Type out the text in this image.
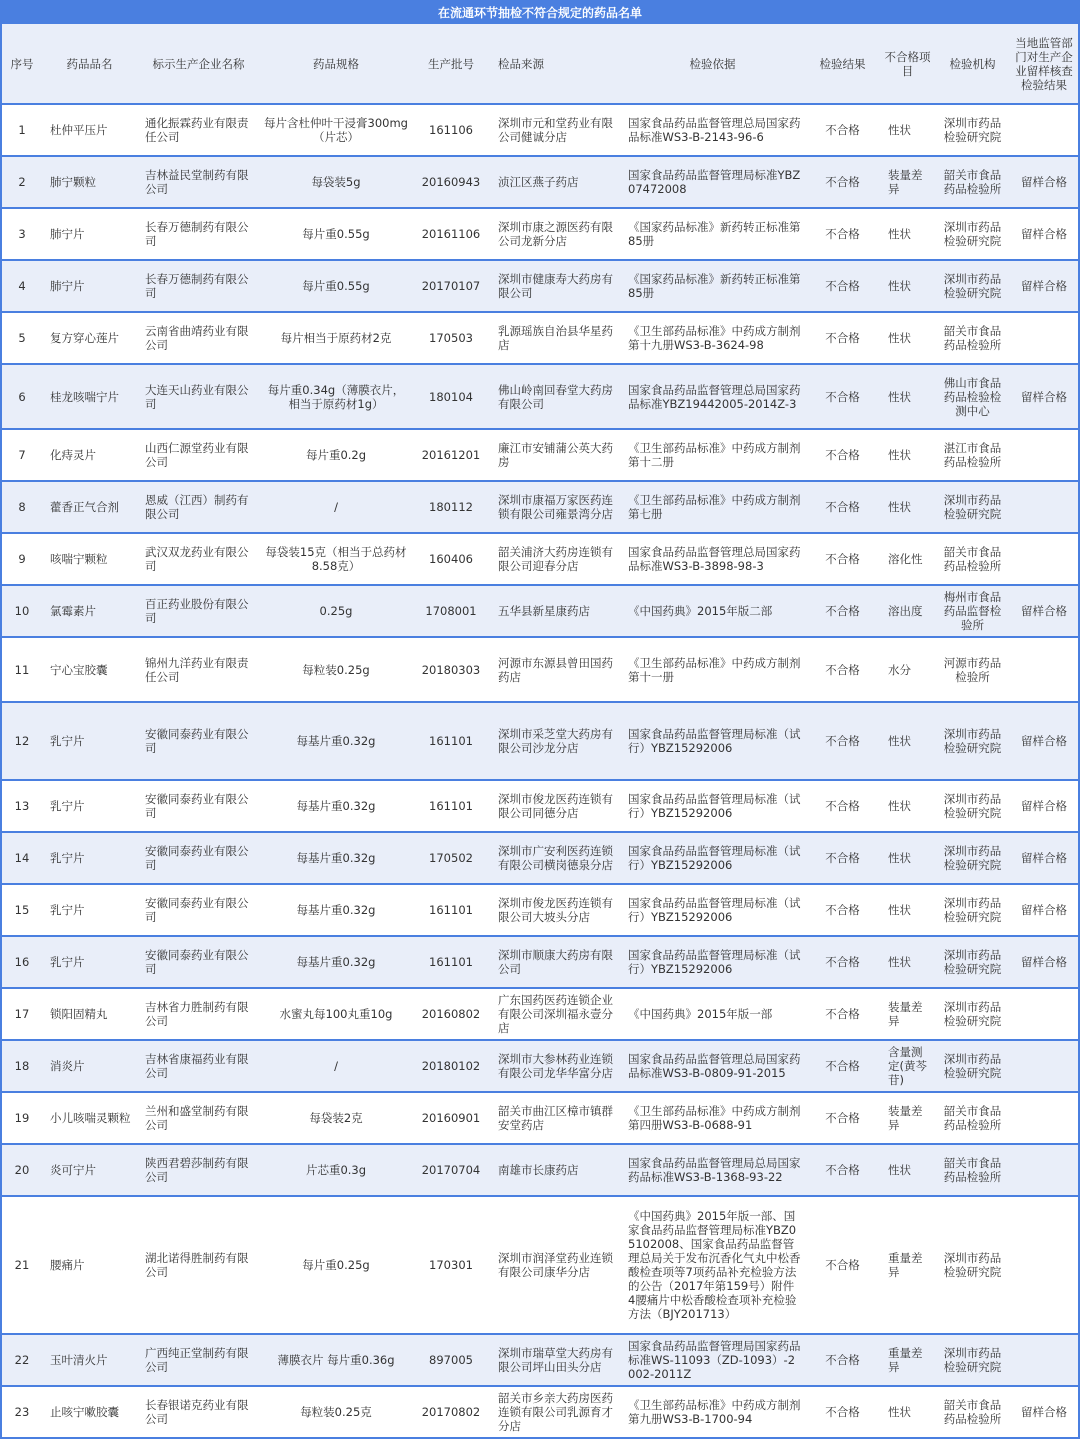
在流通环节抽检不符合规定的药品名单
序号	药品品名	标示生产企业名称	药品规格	生产批号	检品来源	检验依据	检验结果	不合格项目	检验机构	当地监管部门对生产企业留样核查检验结果
1	杜仲平压片	通化振霖药业有限责任公司	每片含杜仲叶干浸膏300mg（片芯）	161106	深圳市元和堂药业有限公司健诚分店	国家食品药品监督管理总局国家药品标准WS3-B-2143-96-6	不合格	性状	深圳市药品检验研究院	
2	肺宁颗粒	吉林益民堂制药有限公司	每袋装5g	20160943	浈江区燕子药店	国家食品药品监督管理局标准YBZ07472008	不合格	装量差异	韶关市食品药品检验所	留样合格
3	肺宁片	长春万德制药有限公司	每片重0.55g	20161106	深圳市康之源医药有限公司龙新分店	《国家药品标准》新药转正标准第85册	不合格	性状	深圳市药品检验研究院	留样合格
4	肺宁片	长春万德制药有限公司	每片重0.55g	20170107	深圳市健康寿大药房有限公司	《国家药品标准》新药转正标准第85册	不合格	性状	深圳市药品检验研究院	留样合格
5	复方穿心莲片	云南省曲靖药业有限公司	每片相当于原药材2克	170503	乳源瑶族自治县华星药店	《卫生部药品标准》中药成方制剂第十九册WS3-B-3624-98	不合格	性状	韶关市食品药品检验所	
6	桂龙咳喘宁片	大连天山药业有限公司	每片重0.34g（薄膜衣片，相当于原药材1g）	180104	佛山岭南回春堂大药房有限公司	国家食品药品监督管理总局国家药品标准YBZ19442005-2014Z-3	不合格	性状	佛山市食品药品检验检测中心	留样合格
7	化痔灵片	山西仁源堂药业有限公司	每片重0.2g	20161201	廉江市安铺蒲公英大药房	《卫生部药品标准》中药成方制剂第十二册	不合格	性状	湛江市食品药品检验所	
8	藿香正气合剂	恩威（江西）制药有限公司	/	180112	深圳市康福万家医药连锁有限公司雍景湾分店	《卫生部药品标准》中药成方制剂第七册	不合格	性状	深圳市药品检验研究院	
9	咳喘宁颗粒	武汉双龙药业有限公司	每袋装15克（相当于总药材8.58克）	160406	韶关浦济大药房连锁有限公司迎春分店	国家食品药品监督管理总局国家药品标准WS3-B-3898-98-3	不合格	溶化性	韶关市食品药品检验所	
10	氯霉素片	百正药业股份有限公司	0.25g	1708001	五华县新星康药店	《中国药典》2015年版二部	不合格	溶出度	梅州市食品药品监督检验所	留样合格
11	宁心宝胶囊	锦州九洋药业有限责任公司	每粒装0.25g	20180303	河源市东源县曾田国药药店	《卫生部药品标准》中药成方制剂第十一册	不合格	水分	河源市药品检验所	
12	乳宁片	安徽同泰药业有限公司	每基片重0.32g	161101	深圳市采芝堂大药房有限公司沙龙分店	国家食品药品监督管理局标准（试行）YBZ15292006	不合格	性状	深圳市药品检验研究院	留样合格
13	乳宁片	安徽同泰药业有限公司	每基片重0.32g	161101	深圳市俊龙医药连锁有限公司同德分店	国家食品药品监督管理局标准（试行）YBZ15292006	不合格	性状	深圳市药品检验研究院	留样合格
14	乳宁片	安徽同泰药业有限公司	每基片重0.32g	170502	深圳市广安利医药连锁有限公司横岗德泉分店	国家食品药品监督管理局标准（试行）YBZ15292006	不合格	性状	深圳市药品检验研究院	留样合格
15	乳宁片	安徽同泰药业有限公司	每基片重0.32g	161101	深圳市俊龙医药连锁有限公司大坡头分店	国家食品药品监督管理局标准（试行）YBZ15292006	不合格	性状	深圳市药品检验研究院	留样合格
16	乳宁片	安徽同泰药业有限公司	每基片重0.32g	161101	深圳市顺康大药房有限公司	国家食品药品监督管理局标准（试行）YBZ15292006	不合格	性状	深圳市药品检验研究院	留样合格
17	锁阳固精丸	吉林省力胜制药有限公司	水蜜丸每100丸重10g	20160802	广东国药医药连锁企业有限公司深圳福永壹分店	《中国药典》2015年版一部	不合格	装量差异	深圳市药品检验研究院	
18	消炎片	吉林省康福药业有限公司	/	20180102	深圳市大参林药业连锁有限公司龙华华富分店	国家食品药品监督管理总局国家药品标准WS3-B-0809-91-2015	不合格	含量测定(黄芩苷)	深圳市药品检验研究院	
19	小儿咳喘灵颗粒	兰州和盛堂制药有限公司	每袋装2克	20160901	韶关市曲江区樟市镇群安堂药店	《卫生部药品标准》中药成方制剂第四册WS3-B-0688-91	不合格	装量差异	韶关市食品药品检验所	
20	炎可宁片	陕西君碧莎制药有限公司	片芯重0.3g	20170704	南雄市长康药店	国家食品药品监督管理局总局国家药品标准WS3-B-1368-93-22	不合格	性状	韶关市食品药品检验所	
21	腰痛片	湖北诺得胜制药有限公司	每片重0.25g	170301	深圳市润泽堂药业连锁有限公司康华分店	《中国药典》2015年版一部、国家食品药品监督管理局标准YBZ05102008、国家食品药品监督管理总局关于发布沉香化气丸中松香酸检查项等7项药品补充检验方法的公告（2017年第159号）附件4腰痛片中松香酸检查项补充检验方法（BJY201713）	不合格	重量差异	深圳市药品检验研究院	
22	玉叶清火片	广西纯正堂制药有限公司	薄膜衣片 每片重0.36g	897005	深圳市瑞草堂大药房有限公司坪山田头分店	国家食品药品监督管理局国家药品标准WS-11093（ZD-1093）-2002-2011Z	不合格	重量差异	深圳市药品检验研究院	
23	止咳宁嗽胶囊	长春银诺克药业有限公司	每粒装0.25克	20170802	韶关市乡亲大药房医药连锁有限公司乳源育才分店	《卫生部药品标准》中药成方制剂第九册WS3-B-1700-94	不合格	性状	韶关市食品药品检验所	留样合格
